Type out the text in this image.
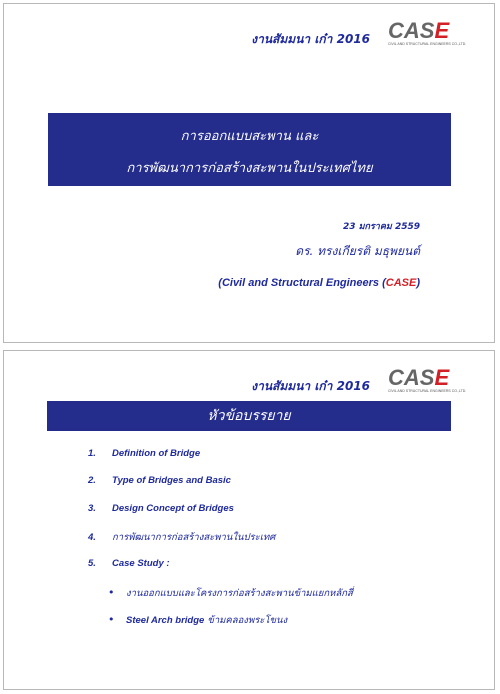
งานสัมมนา เก๋า 2016 CASE
CIVIL AND STRUCTURAL ENGINEERS CO.,LTD.
การออกแบบสะพาน และ
การพัฒนาการก่อสร้างสะพานในประเทศไทย
23 มกราคม 2559
ดร. ทรงเกียรติ มธุพยนต์
(Civil and Structural Engineers (CASE)
งานสัมมนา เก๋า 2016 CASE
CIVIL AND STRUCTURAL ENGINEERS CO.,LTD.
หัวข้อบรรยาย
1. Definition of Bridge
2. Type of Bridges and Basic
3. Design Concept of Bridges
4. การพัฒนาการก่อสร้างสะพานในประเทศ
5. Case Study :
• งานออกแบบและโครงการก่อสร้างสะพานข้ามแยกหลักสี่
• Steel Arch bridge ข้ามคลองพระโขนง
